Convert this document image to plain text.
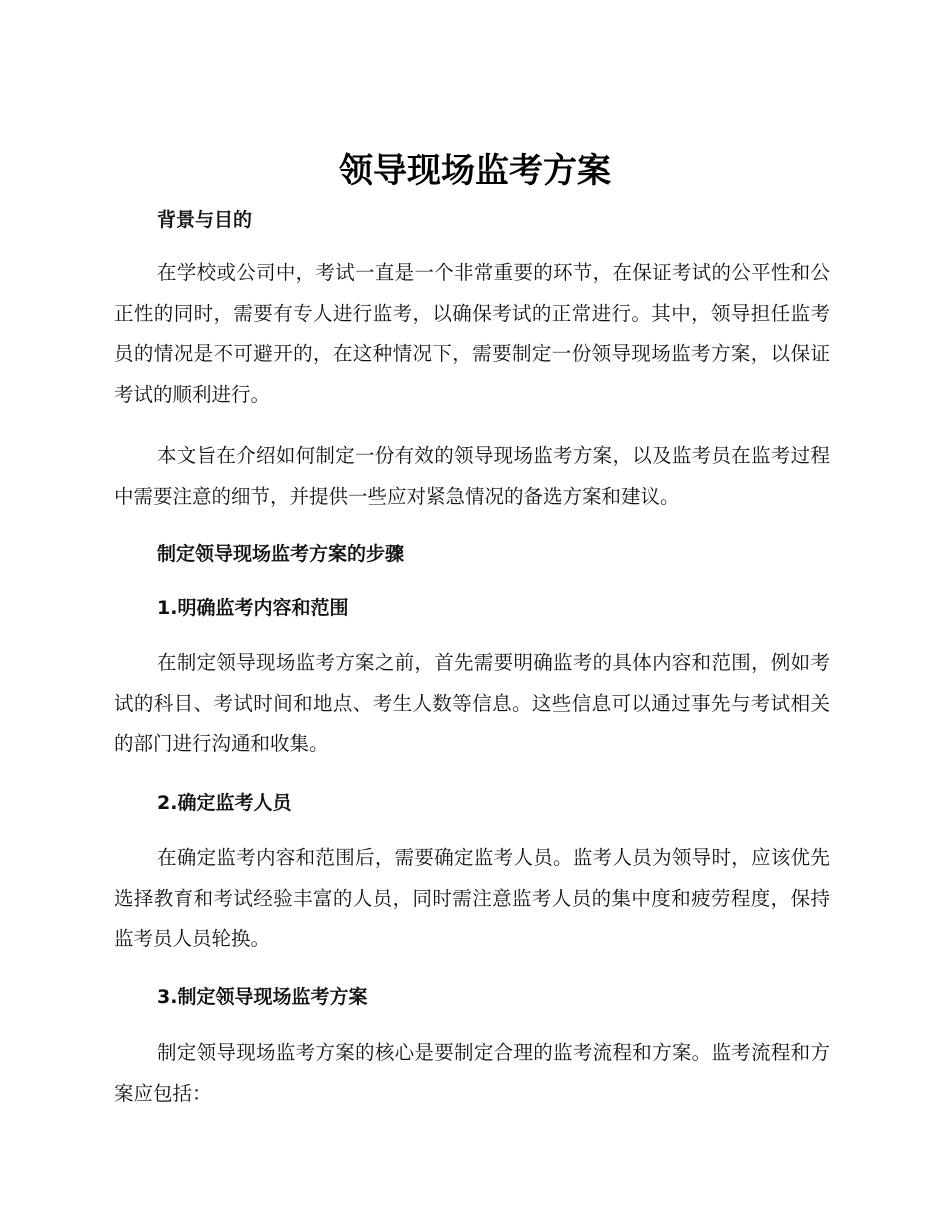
领导现场监考方案
背景与目的

在学校或公司中，考试一直是一个非常重要的环节，在保证考试的公平性和公正性的同时，需要有专人进行监考，以确保考试的正常进行。其中，领导担任监考员的情况是不可避开的，在这种情况下，需要制定一份领导现场监考方案，以保证考试的顺利进行。

本文旨在介绍如何制定一份有效的领导现场监考方案，以及监考员在监考过程中需要注意的细节，并提供一些应对紧急情况的备选方案和建议。

制定领导现场监考方案的步骤
1.明确监考内容和范围

在制定领导现场监考方案之前，首先需要明确监考的具体内容和范围，例如考试的科目、考试时间和地点、考生人数等信息。这些信息可以通过事先与考试相关的部门进行沟通和收集。

2.确定监考人员

在确定监考内容和范围后，需要确定监考人员。监考人员为领导时，应该优先选择教育和考试经验丰富的人员，同时需注意监考人员的集中度和疲劳程度，保持监考员人员轮换。

3.制定领导现场监考方案

制定领导现场监考方案的核心是要制定合理的监考流程和方案。监考流程和方案应包括：
